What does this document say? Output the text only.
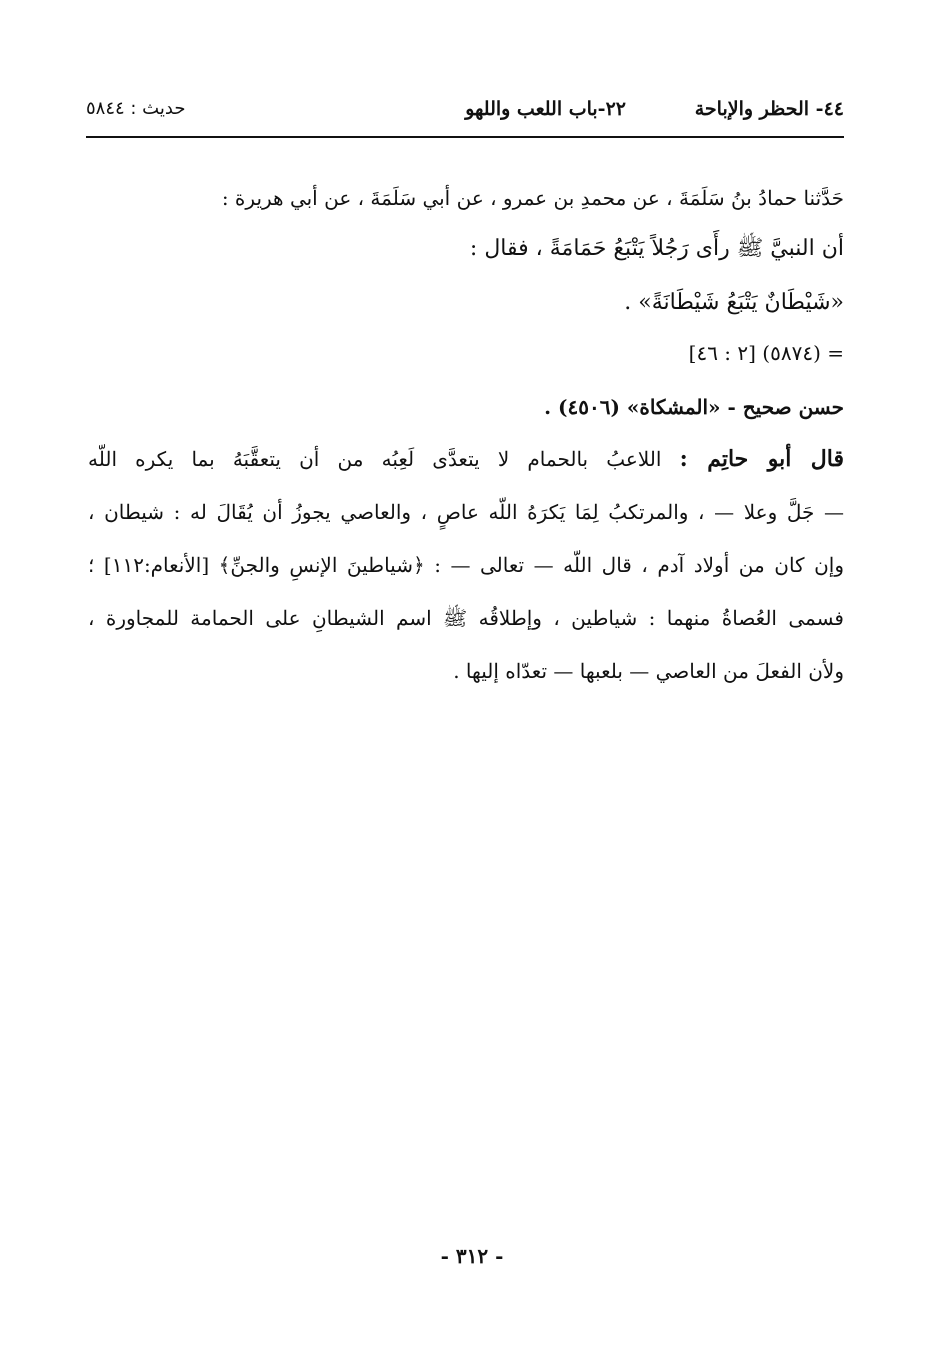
٤٤- الحظر والإباحة
٢٢-باب اللعب واللهو
حديث : ٥٨٤٤
حَدَّثنا حمادُ بنُ سَلَمَةَ ، عن محمدِ بن عمرو ، عن أبي سَلَمَةَ ، عن أبي هريرة :
أن النبيَّ ﷺ رأَى رَجُلاً يَتْبَعُ حَمَامَةً ، فقال :
«شَيْطَانٌ يَتْبَعُ شَيْطَانَةً» .
= (٥٨٧٤) [٢ : ٤٦]
حسن صحيح - «المشكاة» (٤٥٠٦) .
قال أبو حاتِم : اللاعبُ بالحمام لا يتعدَّى لَعِبُه من أن يتعقَّبَهُ بما يكره اللّه
— جَلَّ وعلا — ، والمرتكبُ لِمَا يَكرَهُ اللّه عاصٍ ، والعاصي يجوزُ أن يُقَالَ له : شيطان ،
وإن كان من أولاد آدم ، قال اللّه — تعالى — : ﴿شياطينَ الإنسِ والجنِّ﴾ [الأنعام:١١٢] ؛
فسمى العُصاةُ منهما : شياطين ، وإطلاقُه ﷺ اسم الشيطانِ على الحمامة للمجاورة ،
ولأن الفعلَ من العاصي — بلعبها — تعدّاه إليها .
- ٣١٢ -
